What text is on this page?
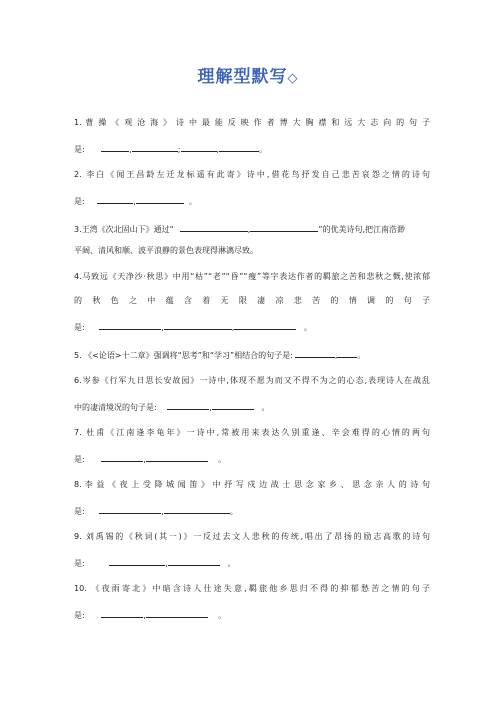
理解型默写◇
1. 曹 操 《 观 沧 海 》 诗 中 最 能 反 映 作 者 博 大 胸 襟 和 远 大 志 向 的 句 子
是:	,	;	,	。
2. 李白《闻王昌龄左迁龙标遥有此寄》诗中,借花鸟抒发自己悲苦哀怨之情的诗句
是:	,	。
3.王湾《次北固山下》通过“	,	”的优美诗句,把江南浩渺
平阔、清风和顺、波平浪静的景色表现得淋漓尽致。
4.马致远《天净沙·秋思》中用“枯”“老”“昏”“瘦”等字表达作者的羁旅之苦和悲秋之慨,使浓郁
的 秋 色 之 中 蕴 含 着 无 限 凄 凉 悲 苦 的 情 调 的 句 子
是:	,	,	。
5. 《<论语>十二章》强调将“思考”和“学习”相结合的句子是:	,	。
6.岑参《行军九日思长安故园》一诗中,体现不愿为而又不得不为之的心态,表现诗人在战乱
中的凄清境况的句子是:	,	。
7. 杜甫《江南逢李龟年》一诗中,常被用来表达久别重逢、辛会难得的心情的两句
是:	,	。
8. 李 益 《 夜 上 受 降 城 闻 笛 》 中 抒 写 戍 边 战 士 思 念 家 乡 、 思 念 亲 人 的 诗 句
是:	,	。
9. 刘禹锡的《秋词(其一)》一反过去文人悲秋的传统,唱出了昂扬的励志高歌的诗句
是:	,	。
10. 《夜雨寄北》中暗含诗人仕途失意,羁旅他乡思归不得的抑郁愁苦之情的句子
是:	,	。
